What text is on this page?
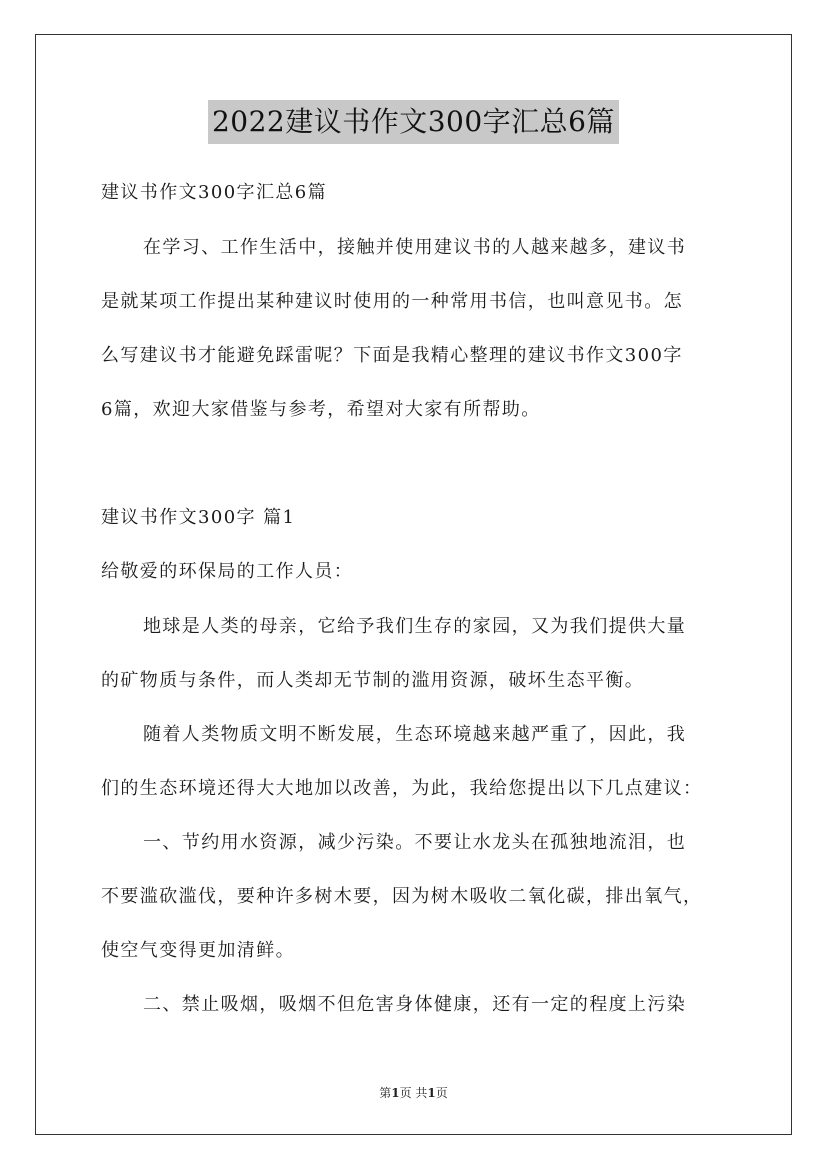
2022建议书作文300字汇总6篇
建议书作文300字汇总6篇
在学习、工作生活中，接触并使用建议书的人越来越多，建议书
是就某项工作提出某种建议时使用的一种常用书信，也叫意见书。怎
么写建议书才能避免踩雷呢？下面是我精心整理的建议书作文300字
6篇，欢迎大家借鉴与参考，希望对大家有所帮助。
建议书作文300字 篇1
给敬爱的环保局的工作人员：
地球是人类的母亲，它给予我们生存的家园，又为我们提供大量
的矿物质与条件，而人类却无节制的滥用资源，破坏生态平衡。
随着人类物质文明不断发展，生态环境越来越严重了，因此，我
们的生态环境还得大大地加以改善，为此，我给您提出以下几点建议：
一、节约用水资源，减少污染。不要让水龙头在孤独地流泪，也
不要滥砍滥伐，要种许多树木要，因为树木吸收二氧化碳，排出氧气，
使空气变得更加清鲜。
二、禁止吸烟，吸烟不但危害身体健康，还有一定的程度上污染
第1页 共1页
